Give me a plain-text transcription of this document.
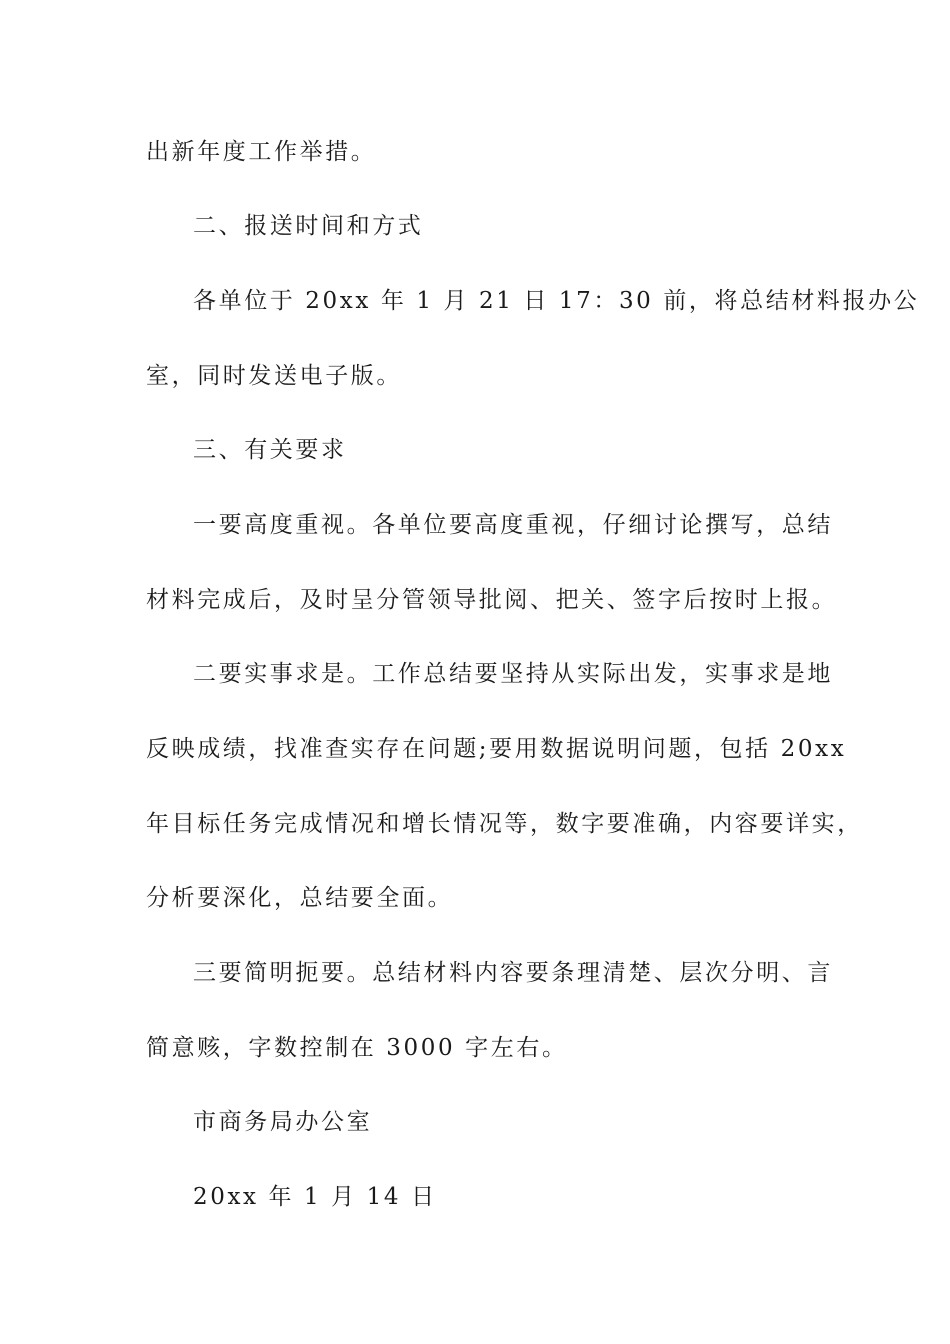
出新年度工作举措。
二、报送时间和方式
各单位于 20xx 年 1 月 21 日 17：30 前，将总结材料报办公
室，同时发送电子版。
三、有关要求
一要高度重视。各单位要高度重视，仔细讨论撰写，总结
材料完成后，及时呈分管领导批阅、把关、签字后按时上报。
二要实事求是。工作总结要坚持从实际出发，实事求是地
反映成绩，找准查实存在问题;要用数据说明问题，包括 20xx
年目标任务完成情况和增长情况等，数字要准确，内容要详实，
分析要深化，总结要全面。
三要简明扼要。总结材料内容要条理清楚、层次分明、言
简意赅，字数控制在 3000 字左右。
市商务局办公室
20xx 年 1 月 14 日
